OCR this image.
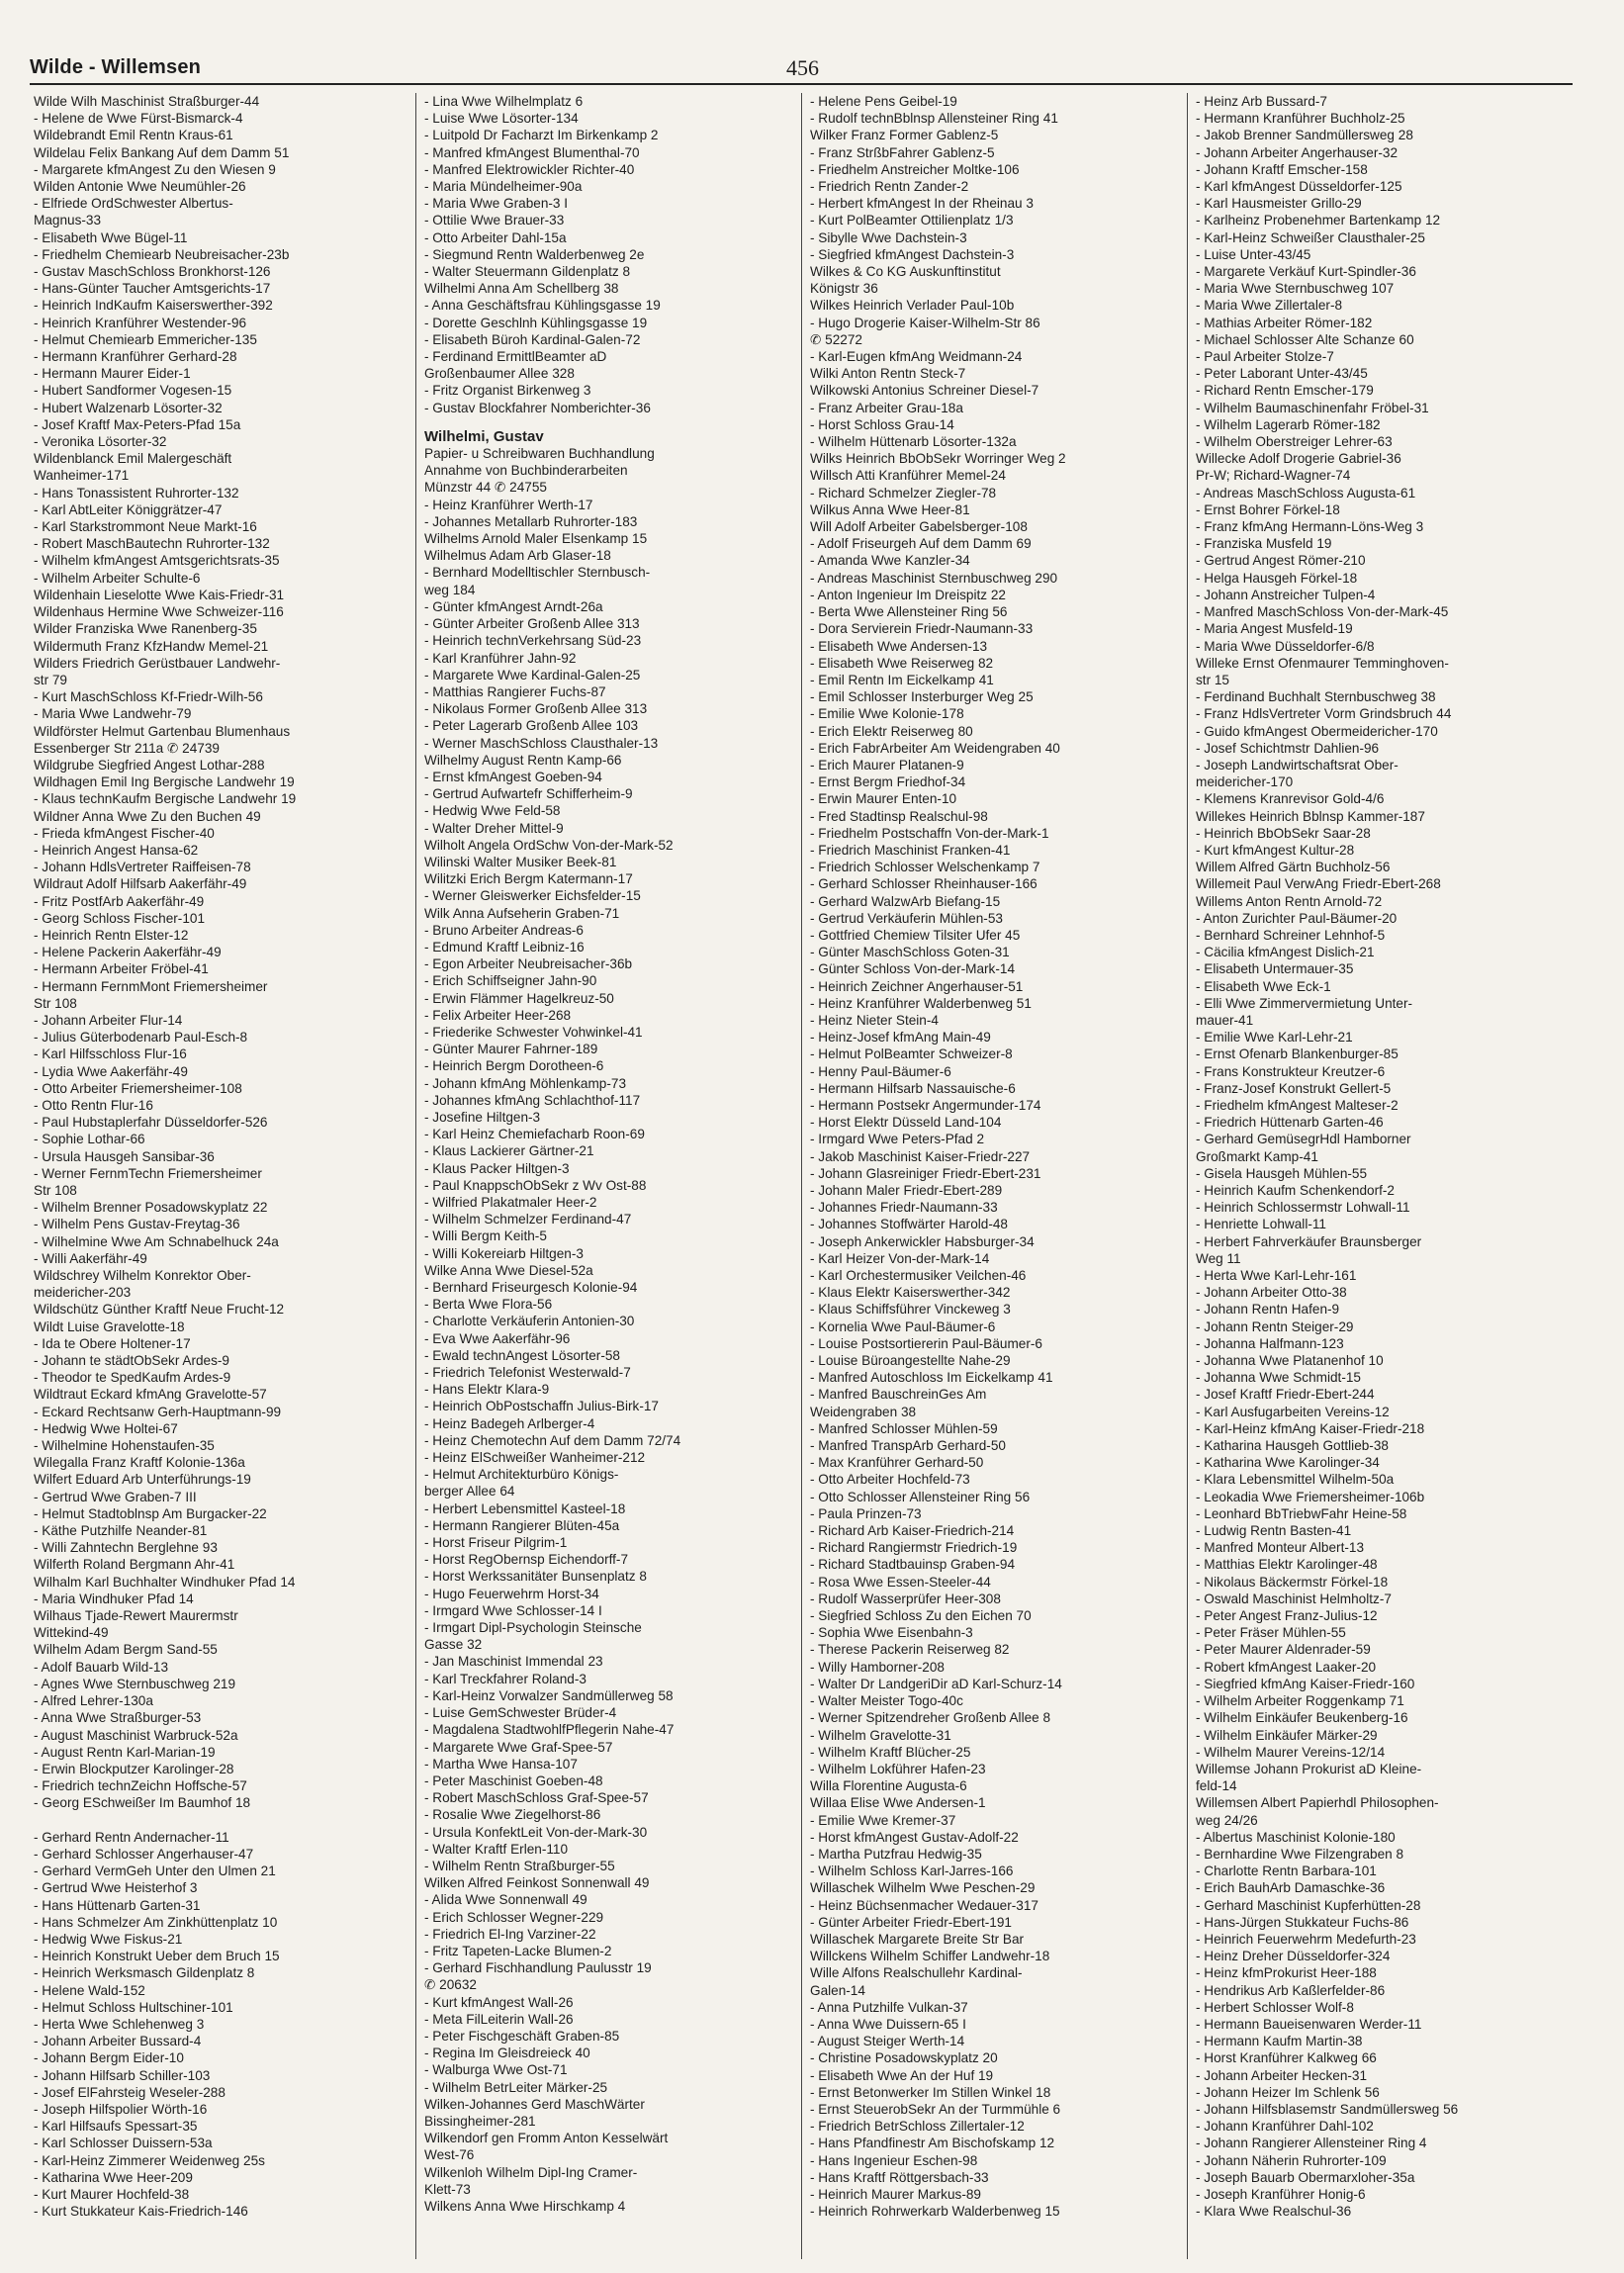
Wilde - Willemsen	456
Wilde Wilh Maschinist Straßburger-44
- Helene de Wwe Fürst-Bismarck-4
Wildebrandt Emil Rentn Kraus-61
Wildelau Felix Bankang Auf dem Damm 51
- Margarete kfmAngest Zu den Wiesen 9
Wilden Antonie Wwe Neumühler-26
- Elfriede OrdSchwester Albertus-
Magnus-33
- Elisabeth Wwe Bügel-11
- Friedhelm Chemiearb Neubreisacher-23b
- Gustav MaschSchloss Bronkhorst-126
- Hans-Günter Taucher Amtsgerichts-17
- Heinrich IndKaufm Kaiserswerther-392
- Heinrich Kranführer Westender-96
- Helmut Chemiearb Emmericher-135
- Hermann Kranführer Gerhard-28
- Hermann Maurer Eider-1
- Hubert Sandformer Vogesen-15
- Hubert Walzenarb Lösorter-32
- Josef Kraftf Max-Peters-Pfad 15a
- Veronika Lösorter-32
Wildenblanck Emil Malergeschäft
Wanheimer-171
- Hans Tonassistent Ruhrorter-132
- Karl AbtLeiter Königgrätzer-47
- Karl Starkstrommont Neue Markt-16
- Robert MaschBautechn Ruhrorter-132
- Wilhelm kfmAngest Amtsgerichtsrats-35
- Wilhelm Arbeiter Schulte-6
Wildenhain Lieselotte Wwe Kais-Friedr-31
Wildenhaus Hermine Wwe Schweizer-116
Wilder Franziska Wwe Ranenberg-35
Wildermuth Franz KfzHandw Memel-21
Wilders Friedrich Gerüstbauer Landwehr-
str 79
- Kurt MaschSchloss Kf-Friedr-Wilh-56
- Maria Wwe Landwehr-79
Wildförster Helmut Gartenbau Blumenhaus
Essenberger Str 211a ✆ 24739
Wildgrube Siegfried Angest Lothar-288
Wildhagen Emil Ing Bergische Landwehr 19
- Klaus technKaufm Bergische Landwehr 19
Wildner Anna Wwe Zu den Buchen 49
- Frieda kfmAngest Fischer-40
- Heinrich Angest Hansa-62
- Johann HdlsVertreter Raiffeisen-78
Wildraut Adolf Hilfsarb Aakerfähr-49
- Fritz PostfArb Aakerfähr-49
- Georg Schloss Fischer-101
- Heinrich Rentn Elster-12
- Helene Packerin Aakerfähr-49
- Hermann Arbeiter Fröbel-41
- Hermann FernmMont Friemersheimer
Str 108
- Johann Arbeiter Flur-14
- Julius Güterbodenarb Paul-Esch-8
- Karl Hilfsschloss Flur-16
- Lydia Wwe Aakerfähr-49
- Otto Arbeiter Friemersheimer-108
- Otto Rentn Flur-16
- Paul Hubstaplerfahr Düsseldorfer-526
- Sophie Lothar-66
- Ursula Hausgeh Sansibar-36
- Werner FernmTechn Friemersheimer
Str 108
- Wilhelm Brenner Posadowskyplatz 22
- Wilhelm Pens Gustav-Freytag-36
- Wilhelmine Wwe Am Schnabelhuck 24a
- Willi Aakerfähr-49
Wildschrey Wilhelm Konrektor Ober-
meidericher-203
Wildschütz Günther Kraftf Neue Frucht-12
Wildt Luise Gravelotte-18
- Ida te Obere Holtener-17
- Johann te städtObSekr Ardes-9
- Theodor te SpedKaufm Ardes-9
Wildtraut Eckard kfmAng Gravelotte-57
- Eckard Rechtsanw Gerh-Hauptmann-99
- Hedwig Wwe Holtei-67
- Wilhelmine Hohenstaufen-35
Wilegalla Franz Kraftf Kolonie-136a
Wilfert Eduard Arb Unterführungs-19
- Gertrud Wwe Graben-7 III
- Helmut Stadtoblnsp Am Burgacker-22
- Käthe Putzhilfe Neander-81
- Willi Zahntechn Berglehne 93
Wilferth Roland Bergmann Ahr-41
Wilhalm Karl Buchhalter Windhuker Pfad 14
- Maria Windhuker Pfad 14
Wilhaus Tjade-Rewert Maurermstr
Wittekind-49
Wilhelm Adam Bergm Sand-55
- Adolf Bauarb Wild-13
- Agnes Wwe Sternbuschweg 219
- Alfred Lehrer-130a
- Anna Wwe Straßburger-53
- August Maschinist Warbruck-52a
- August Rentn Karl-Marian-19
- Erwin Blockputzer Karolinger-28
- Friedrich technZeichn Hoffsche-57
- Georg ESchweißer Im Baumhof 18

- Gerhard Rentn Andernacher-11
- Gerhard Schlosser Angerhauser-47
- Gerhard VermGeh Unter den Ulmen 21
- Gertrud Wwe Heisterhof 3
- Hans Hüttenarb Garten-31
- Hans Schmelzer Am Zinkhüttenplatz 10
- Hedwig Wwe Fiskus-21
- Heinrich Konstrukt Ueber dem Bruch 15
- Heinrich Werksmasch Gildenplatz 8
- Helene Wald-152
- Helmut Schloss Hultschiner-101
- Herta Wwe Schlehenweg 3
- Johann Arbeiter Bussard-4
- Johann Bergm Eider-10
- Johann Hilfsarb Schiller-103
- Josef ElFahrsteig Weseler-288
- Joseph Hilfspolier Wörth-16
- Karl Hilfsaufs Spessart-35
- Karl Schlosser Duissern-53a
- Karl-Heinz Zimmerer Weidenweg 25s
- Katharina Wwe Heer-209
- Kurt Maurer Hochfeld-38
- Kurt Stukkateur Kais-Friedrich-146
- Lina Wwe Wilhelmplatz 6
- Luise Wwe Lösorter-134
- Luitpold Dr Facharzt Im Birkenkamp 2
- Manfred kfmAngest Blumenthal-70
- Manfred Elektrowickler Richter-40
- Maria Mündelheimer-90a
- Maria Wwe Graben-3 I
- Ottilie Wwe Brauer-33
- Otto Arbeiter Dahl-15a
- Siegmund Rentn Walderbenweg 2e
- Walter Steuermann Gildenplatz 8
Wilhelmi Anna Am Schellberg 38
- Anna Geschäftsfrau Kühlingsgasse 19
- Dorette Geschlnh Kühlingsgasse 19
- Elisabeth Büroh Kardinal-Galen-72
- Ferdinand ErmittlBeamter aD
Großenbaumer Allee 328
- Fritz Organist Birkenweg 3
- Gustav Blockfahrer Nomberichter-36
Wilhelmi, Gustav
Papier- u Schreibwaren Buchhandlung
Annahme von Buchbinderarbeiten
Münzstr 44 ✆ 24755
- Heinz Kranführer Werth-17
- Johannes Metallarb Ruhrorter-183
Wilhelms Arnold Maler Elsenkamp 15
Wilhelmus Adam Arb Glaser-18
- Bernhard Modelltischler Sternbusch-
weg 184
- Günter kfmAngest Arndt-26a
- Günter Arbeiter Großenb Allee 313
- Heinrich technVerkehrsang Süd-23
- Karl Kranführer Jahn-92
- Margarete Wwe Kardinal-Galen-25
- Matthias Rangierer Fuchs-87
- Nikolaus Former Großenb Allee 313
- Peter Lagerarb Großenb Allee 103
- Werner MaschSchloss Clausthaler-13
Wilhelmy August Rentn Kamp-66
- Ernst kfmAngest Goeben-94
- Gertrud Aufwartefr Schifferheim-9
- Hedwig Wwe Feld-58
- Walter Dreher Mittel-9
Wilholt Angela OrdSchw Von-der-Mark-52
Wilinski Walter Musiker Beek-81
Wilitzki Erich Bergm Katermann-17
- Werner Gleiswerker Eichsfelder-15
Wilk Anna Aufseherin Graben-71
- Bruno Arbeiter Andreas-6
- Edmund Kraftf Leibniz-16
- Egon Arbeiter Neubreisacher-36b
- Erich Schiffseigner Jahn-90
- Erwin Flämmer Hagelkreuz-50
- Felix Arbeiter Heer-268
- Friederike Schwester Vohwinkel-41
- Günter Maurer Fahrner-189
- Heinrich Bergm Dorotheen-6
- Johann kfmAng Möhlenkamp-73
- Johannes kfmAng Schlachthof-117
- Josefine Hiltgen-3
- Karl Heinz Chemiefacharb Roon-69
- Klaus Lackierer Gärtner-21
- Klaus Packer Hiltgen-3
- Paul KnappschObSekr z Wv Ost-88
- Wilfried Plakatmaler Heer-2
- Wilhelm Schmelzer Ferdinand-47
- Willi Bergm Keith-5
- Willi Kokereiarb Hiltgen-3
Wilke Anna Wwe Diesel-52a
- Bernhard Friseurgesch Kolonie-94
- Berta Wwe Flora-56
- Charlotte Verkäuferin Antonien-30
- Eva Wwe Aakerfähr-96
- Ewald technAngest Lösorter-58
- Friedrich Telefonist Westerwald-7
- Hans Elektr Klara-9
- Heinrich ObPostschaffn Julius-Birk-17
- Heinz Badegeh Arlberger-4
- Heinz Chemotechn Auf dem Damm 72/74
- Heinz ElSchweißer Wanheimer-212
- Helmut Architekturbüro Königs-
berger Allee 64
- Herbert Lebensmittel Kasteel-18
- Hermann Rangierer Blüten-45a
- Horst Friseur Pilgrim-1
- Horst RegObernsp Eichendorff-7
- Horst Werkssanitäter Bunsenplatz 8
- Hugo Feuerwehrm Horst-34
- Irmgard Wwe Schlosser-14 I
- Irmgart Dipl-Psychologin Steinsche
Gasse 32
- Jan Maschinist Immendal 23
- Karl Treckfahrer Roland-3
- Karl-Heinz Vorwalzer Sandmüllerweg 58
- Luise GemSchwester Brüder-4
- Magdalena StadtwohlfPflegerin Nahe-47
- Margarete Wwe Graf-Spee-57
- Martha Wwe Hansa-107
- Peter Maschinist Goeben-48
- Robert MaschSchloss Graf-Spee-57
- Rosalie Wwe Ziegelhorst-86
- Ursula KonfektLeit Von-der-Mark-30
- Walter Kraftf Erlen-110
- Wilhelm Rentn Straßburger-55
Wilken Alfred Feinkost Sonnenwall 49
- Alida Wwe Sonnenwall 49
- Erich Schlosser Wegner-229
- Friedrich El-Ing Varziner-22
- Fritz Tapeten-Lacke Blumen-2
- Gerhard Fischhandlung Paulusstr 19
✆ 20632
- Kurt kfmAngest Wall-26
- Meta FilLeiterin Wall-26
- Peter Fischgeschäft Graben-85
- Regina Im Gleisdreieck 40
- Walburga Wwe Ost-71
- Wilhelm BetrLeiter Märker-25
Wilken-Johannes Gerd MaschWärter
Bissingheimer-281
Wilkendorf gen Fromm Anton Kesselwärt
West-76
Wilkenloh Wilhelm Dipl-Ing Cramer-
Klett-73
Wilkens Anna Wwe Hirschkamp 4
- Helene Pens Geibel-19
- Rudolf technBblnsp Allensteiner Ring 41
Wilker Franz Former Gablenz-5
- Franz StrßbFahrer Gablenz-5
- Friedhelm Anstreicher Moltke-106
- Friedrich Rentn Zander-2
- Herbert kfmAngest In der Rheinau 3
- Kurt PolBeamter Ottilienplatz 1/3
- Sibylle Wwe Dachstein-3
- Siegfried kfmAngest Dachstein-3
Wilkes & Co KG Auskunftinstitut
Königstr 36
Wilkes Heinrich Verlader Paul-10b
- Hugo Drogerie Kaiser-Wilhelm-Str 86
✆ 52272
- Karl-Eugen kfmAng Weidmann-24
Wilki Anton Rentn Steck-7
Wilkowski Antonius Schreiner Diesel-7
- Franz Arbeiter Grau-18a
- Horst Schloss Grau-14
- Wilhelm Hüttenarb Lösorter-132a
Wilks Heinrich BbObSekr Worringer Weg 2
Willsch Atti Kranführer Memel-24
- Richard Schmelzer Ziegler-78
Wilkus Anna Wwe Heer-81
Will Adolf Arbeiter Gabelsberger-108
- Adolf Friseurgeh Auf dem Damm 69
- Amanda Wwe Kanzler-34
- Andreas Maschinist Sternbuschweg 290
- Anton Ingenieur Im Dreispitz 22
- Berta Wwe Allensteiner Ring 56
- Dora Servierein Friedr-Naumann-33
- Elisabeth Wwe Andersen-13
- Elisabeth Wwe Reiserweg 82
- Emil Rentn Im Eickelkamp 41
- Emil Schlosser Insterburger Weg 25
- Emilie Wwe Kolonie-178
- Erich Elektr Reiserweg 80
- Erich FabrArbeiter Am Weidengraben 40
- Erich Maurer Platanen-9
- Ernst Bergm Friedhof-34
- Erwin Maurer Enten-10
- Fred Stadtinsp Realschul-98
- Friedhelm Postschaffn Von-der-Mark-1
- Friedrich Maschinist Franken-41
- Friedrich Schlosser Welschenkamp 7
- Gerhard Schlosser Rheinhauser-166
- Gerhard WalzwArb Biefang-15
- Gertrud Verkäuferin Mühlen-53
- Gottfried Chemiew Tilsiter Ufer 45
- Günter MaschSchloss Goten-31
- Günter Schloss Von-der-Mark-14
- Heinrich Zeichner Angerhauser-51
- Heinz Kranführer Walderbenweg 51
- Heinz Nieter Stein-4
- Heinz-Josef kfmAng Main-49
- Helmut PolBeamter Schweizer-8
- Henny Paul-Bäumer-6
- Hermann Hilfsarb Nassauische-6
- Hermann Postsekr Angermunder-174
- Horst Elektr Düsseld Land-104
- Irmgard Wwe Peters-Pfad 2
- Jakob Maschinist Kaiser-Friedr-227
- Johann Glasreiniger Friedr-Ebert-231
- Johann Maler Friedr-Ebert-289
- Johannes Friedr-Naumann-33
- Johannes Stoffwärter Harold-48
- Joseph Ankerwickler Habsburger-34
- Karl Heizer Von-der-Mark-14
- Karl Orchestermusiker Veilchen-46
- Klaus Elektr Kaiserswerther-342
- Klaus Schiffsführer Vinckeweg 3
- Kornelia Wwe Paul-Bäumer-6
- Louise Postsortiererin Paul-Bäumer-6
- Louise Büroangestellte Nahe-29
- Manfred Autoschloss Im Eickelkamp 41
- Manfred BauschreinGes Am
Weidengraben 38
- Manfred Schlosser Mühlen-59
- Manfred TranspArb Gerhard-50
- Max Kranführer Gerhard-50
- Otto Arbeiter Hochfeld-73
- Otto Schlosser Allensteiner Ring 56
- Paula Prinzen-73
- Richard Arb Kaiser-Friedrich-214
- Richard Rangiermstr Friedrich-19
- Richard Stadtbauinsp Graben-94
- Rosa Wwe Essen-Steeler-44
- Rudolf Wasserprüfer Heer-308
- Siegfried Schloss Zu den Eichen 70
- Sophia Wwe Eisenbahn-3
- Therese Packerin Reiserweg 82
- Willy Hamborner-208
- Walter Dr LandgeriDir aD Karl-Schurz-14
- Walter Meister Togo-40c
- Werner Spitzendreher Großenb Allee 8
- Wilhelm Gravelotte-31
- Wilhelm Kraftf Blücher-25
- Wilhelm Lokführer Hafen-23
Willa Florentine Augusta-6
Willaa Elise Wwe Andersen-1
- Emilie Wwe Kremer-37
- Horst kfmAngest Gustav-Adolf-22
- Martha Putzfrau Hedwig-35
- Wilhelm Schloss Karl-Jarres-166
Willaschek Wilhelm Wwe Peschen-29
- Heinz Büchsenmacher Wedauer-317
- Günter Arbeiter Friedr-Ebert-191
Willaschek Margarete Breite Str Bar
Willckens Wilhelm Schiffer Landwehr-18
Wille Alfons Realschullehr Kardinal-
Galen-14
- Anna Putzhilfe Vulkan-37
- Anna Wwe Duissern-65 I
- August Steiger Werth-14
- Christine Posadowskyplatz 20
- Elisabeth Wwe An der Huf 19
- Ernst Betonwerker Im Stillen Winkel 18
- Ernst SteuerobSekr An der Turmmühle 6
- Friedrich BetrSchloss Zillertaler-12
- Hans Pfandfinestr Am Bischofskamp 12
- Hans Ingenieur Eschen-98
- Hans Kraftf Röttgersbach-33
- Heinrich Maurer Markus-89
- Heinrich Rohrwerkarb Walderbenweg 15
- Heinz Arb Bussard-7
- Hermann Kranführer Buchholz-25
- Jakob Brenner Sandmüllersweg 28
- Johann Arbeiter Angerhauser-32
- Johann Kraftf Emscher-158
- Karl kfmAngest Düsseldorfer-125
- Karl Hausmeister Grillo-29
- Karlheinz Probenehmer Bartenkamp 12
- Karl-Heinz Schweißer Clausthaler-25
- Luise Unter-43/45
- Margarete Verkäuf Kurt-Spindler-36
- Maria Wwe Sternbuschweg 107
- Maria Wwe Zillertaler-8
- Mathias Arbeiter Römer-182
- Michael Schlosser Alte Schanze 60
- Paul Arbeiter Stolze-7
- Peter Laborant Unter-43/45
- Richard Rentn Emscher-179
- Wilhelm Baumaschinenfahr Fröbel-31
- Wilhelm Lagerarb Römer-182
- Wilhelm Oberstreiger Lehrer-63
Willecke Adolf Drogerie Gabriel-36
Pr-W; Richard-Wagner-74
- Andreas MaschSchloss Augusta-61
- Ernst Bohrer Förkel-18
- Franz kfmAng Hermann-Löns-Weg 3
- Franziska Musfeld 19
- Gertrud Angest Römer-210
- Helga Hausgeh Förkel-18
- Johann Anstreicher Tulpen-4
- Manfred MaschSchloss Von-der-Mark-45
- Maria Angest Musfeld-19
- Maria Wwe Düsseldorfer-6/8
Willeke Ernst Ofenmaurer Temminghoven-
str 15
- Ferdinand Buchhalt Sternbuschweg 38
- Franz HdlsVertreter Vorm Grindsbruch 44
- Guido kfmAngest Obermeidericher-170
- Josef Schichtmstr Dahlien-96
- Joseph Landwirtschaftsrat Ober-
meidericher-170
- Klemens Kranrevisor Gold-4/6
Willekes Heinrich Bblnsp Kammer-187
- Heinrich BbObSekr Saar-28
- Kurt kfmAngest Kultur-28
Willem Alfred Gärtn Buchholz-56
Willemeit Paul VerwAng Friedr-Ebert-268
Willems Anton Rentn Arnold-72
- Anton Zurichter Paul-Bäumer-20
- Bernhard Schreiner Lehnhof-5
- Cäcilia kfmAngest Dislich-21
- Elisabeth Untermauer-35
- Elisabeth Wwe Eck-1
- Elli Wwe Zimmervermietung Unter-
mauer-41
- Emilie Wwe Karl-Lehr-21
- Ernst Ofenarb Blankenburger-85
- Frans Konstrukteur Kreutzer-6
- Franz-Josef Konstrukt Gellert-5
- Friedhelm kfmAngest Malteser-2
- Friedrich Hüttenarb Garten-46
- Gerhard GemüsegrHdl Hamborner
Großmarkt Kamp-41
- Gisela Hausgeh Mühlen-55
- Heinrich Kaufm Schenkendorf-2
- Heinrich Schlossermstr Lohwall-11
- Henriette Lohwall-11
- Herbert Fahrverkäufer Braunsberger
Weg 11
- Herta Wwe Karl-Lehr-161
- Johann Arbeiter Otto-38
- Johann Rentn Hafen-9
- Johann Rentn Steiger-29
- Johanna Halfmann-123
- Johanna Wwe Platanenhof 10
- Johanna Wwe Schmidt-15
- Josef Kraftf Friedr-Ebert-244
- Karl Ausfugarbeiten Vereins-12
- Karl-Heinz kfmAng Kaiser-Friedr-218
- Katharina Hausgeh Gottlieb-38
- Katharina Wwe Karolinger-34
- Klara Lebensmittel Wilhelm-50a
- Leokadia Wwe Friemersheimer-106b
- Leonhard BbTriebwFahr Heine-58
- Ludwig Rentn Basten-41
- Manfred Monteur Albert-13
- Matthias Elektr Karolinger-48
- Nikolaus Bäckermstr Förkel-18
- Oswald Maschinist Helmholtz-7
- Peter Angest Franz-Julius-12
- Peter Fräser Mühlen-55
- Peter Maurer Aldenrader-59
- Robert kfmAngest Laaker-20
- Siegfried kfmAng Kaiser-Friedr-160
- Wilhelm Arbeiter Roggenkamp 71
- Wilhelm Einkäufer Beukenberg-16
- Wilhelm Einkäufer Märker-29
- Wilhelm Maurer Vereins-12/14
Willemse Johann Prokurist aD Kleine-
feld-14
Willemsen Albert Papierhdl Philosophen-
weg 24/26
- Albertus Maschinist Kolonie-180
- Bernhardine Wwe Filzengraben 8
- Charlotte Rentn Barbara-101
- Erich BauhArb Damaschke-36
- Gerhard Maschinist Kupferhütten-28
- Hans-Jürgen Stukkateur Fuchs-86
- Heinrich Feuerwehrm Medefurth-23
- Heinz Dreher Düsseldorfer-324
- Heinz kfmProkurist Heer-188
- Hendrikus Arb Kaßlerfelder-86
- Herbert Schlosser Wolf-8
- Hermann Baueisenwaren Werder-11
- Hermann Kaufm Martin-38
- Horst Kranführer Kalkweg 66
- Johann Arbeiter Hecken-31
- Johann Heizer Im Schlenk 56
- Johann Hilfsblasemstr Sandmüllersweg 56
- Johann Kranführer Dahl-102
- Johann Rangierer Allensteiner Ring 4
- Johann Näherin Ruhrorter-109
- Joseph Bauarb Obermarxloher-35a
- Joseph Kranführer Honig-6
- Klara Wwe Realschul-36
